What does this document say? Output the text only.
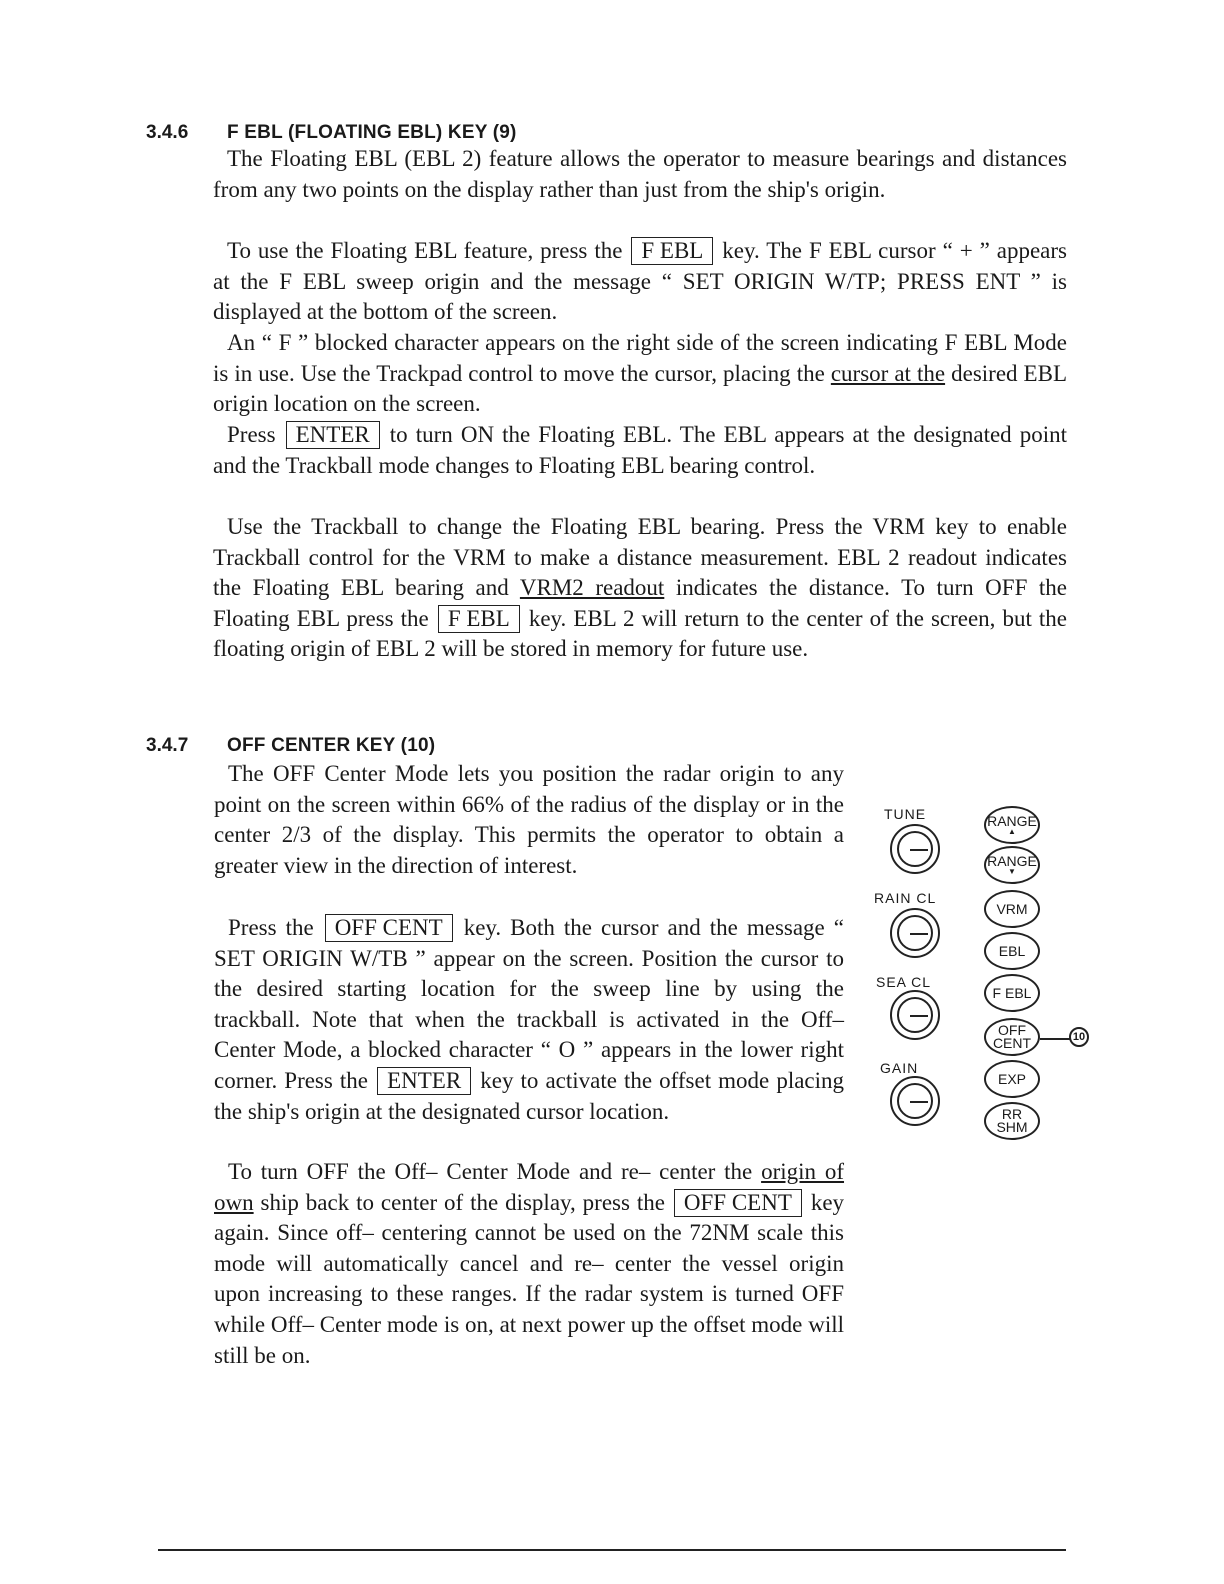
3.4.6 F EBL (FLOATING EBL) KEY (9)

The Floating EBL (EBL 2) feature allows the operator to measure bearings and distances from any two points on the display rather than just from the ship's origin.

To use the Floating EBL feature, press the F EBL key. The F EBL cursor “ + ” appears at the F EBL sweep origin and the message “ SET ORIGIN W/TP; PRESS ENT ” is displayed at the bottom of the screen.

An “ F ” blocked character appears on the right side of the screen indicating F EBL Mode is in use. Use the Trackpad control to move the cursor, placing the cursor at the desired EBL origin location on the screen.

Press ENTER to turn ON the Floating EBL. The EBL appears at the designated point and the Trackball mode changes to Floating EBL bearing control.

Use the Trackball to change the Floating EBL bearing. Press the VRM key to enable Trackball control for the VRM to make a distance measurement. EBL 2 readout indicates the Floating EBL bearing and VRM2 readout indicates the distance. To turn OFF the Floating EBL press the F EBL key. EBL 2 will return to the center of the screen, but the floating origin of EBL 2 will be stored in memory for future use.

3.4.7 OFF CENTER KEY (10)

The OFF Center Mode lets you position the radar origin to any point on the screen within 66% of the radius of the display or in the center 2/3 of the display. This permits the operator to obtain a greater view in the direction of interest.

Press the OFF CENT key. Both the cursor and the message “ SET ORIGIN W/TB ” appear on the screen. Position the cursor to the desired starting location for the sweep line by using the trackball. Note that when the trackball is activated in the Off– Center Mode, a blocked character “ O ” appears in the lower right corner. Press the ENTER key to activate the offset mode placing the ship's origin at the designated cursor location.

To turn OFF the Off– Center Mode and re– center the origin of own ship back to center of the display, press the OFF CENT key again. Since off– centering cannot be used on the 72NM scale this mode will automatically cancel and re– center the vessel origin upon increasing to these ranges. If the radar system is turned OFF while Off– Center mode is on, at next power up the offset mode will still be on.

TUNE
RAIN CL
SEA CL
GAIN
RANGE
▲
RANGE
▼
VRM
EBL
F EBL
OFF
CENT
EXP
RR
SHM
10
